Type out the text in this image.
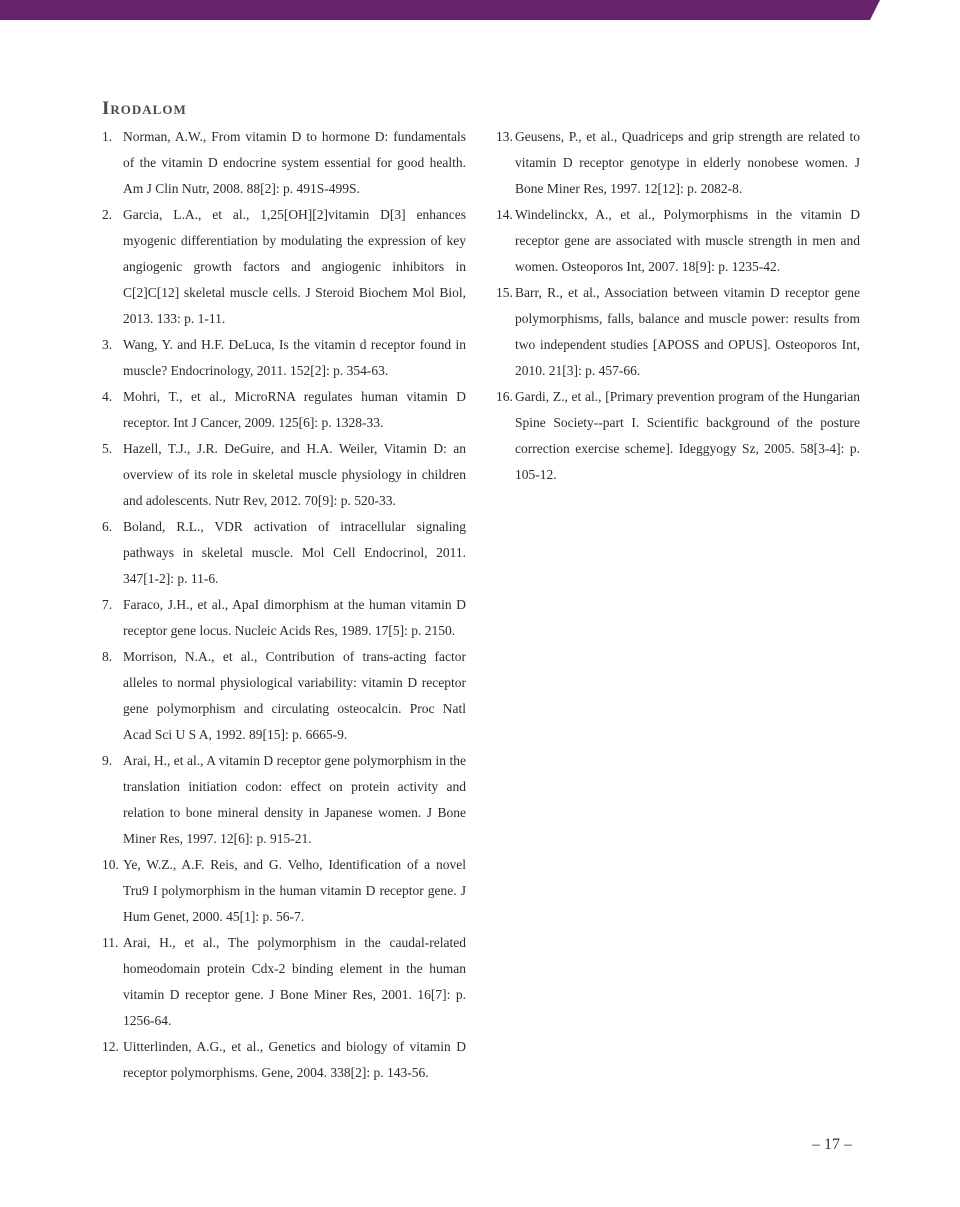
Irodalom
1. Norman, A.W., From vitamin D to hormone D: fundamentals of the vitamin D endocrine system essential for good health. Am J Clin Nutr, 2008. 88[2]: p. 491S-499S.
2. Garcia, L.A., et al., 1,25[OH][2]vitamin D[3] enhances myogenic differentiation by modulating the expression of key angiogenic growth factors and angiogenic inhibitors in C[2]C[12] skeletal muscle cells. J Steroid Biochem Mol Biol, 2013. 133: p. 1-11.
3. Wang, Y. and H.F. DeLuca, Is the vitamin d receptor found in muscle? Endocrinology, 2011. 152[2]: p. 354-63.
4. Mohri, T., et al., MicroRNA regulates human vitamin D receptor. Int J Cancer, 2009. 125[6]: p. 1328-33.
5. Hazell, T.J., J.R. DeGuire, and H.A. Weiler, Vitamin D: an overview of its role in skeletal muscle physiology in children and adolescents. Nutr Rev, 2012. 70[9]: p. 520-33.
6. Boland, R.L., VDR activation of intracellular signaling pathways in skeletal muscle. Mol Cell Endocrinol, 2011. 347[1-2]: p. 11-6.
7. Faraco, J.H., et al., ApaI dimorphism at the human vitamin D receptor gene locus. Nucleic Acids Res, 1989. 17[5]: p. 2150.
8. Morrison, N.A., et al., Contribution of trans-acting factor alleles to normal physiological variability: vitamin D receptor gene polymorphism and circulating osteocalcin. Proc Natl Acad Sci U S A, 1992. 89[15]: p. 6665-9.
9. Arai, H., et al., A vitamin D receptor gene polymorphism in the translation initiation codon: effect on protein activity and relation to bone mineral density in Japanese women. J Bone Miner Res, 1997. 12[6]: p. 915-21.
10. Ye, W.Z., A.F. Reis, and G. Velho, Identification of a novel Tru9 I polymorphism in the human vitamin D receptor gene. J Hum Genet, 2000. 45[1]: p. 56-7.
11. Arai, H., et al., The polymorphism in the caudal-related homeodomain protein Cdx-2 binding element in the human vitamin D receptor gene. J Bone Miner Res, 2001. 16[7]: p. 1256-64.
12. Uitterlinden, A.G., et al., Genetics and biology of vitamin D receptor polymorphisms. Gene, 2004. 338[2]: p. 143-56.
13. Geusens, P., et al., Quadriceps and grip strength are related to vitamin D receptor genotype in elderly nonobese women. J Bone Miner Res, 1997. 12[12]: p. 2082-8.
14. Windelinckx, A., et al., Polymorphisms in the vitamin D receptor gene are associated with muscle strength in men and women. Osteoporos Int, 2007. 18[9]: p. 1235-42.
15. Barr, R., et al., Association between vitamin D receptor gene polymorphisms, falls, balance and muscle power: results from two independent studies [APOSS and OPUS]. Osteoporos Int, 2010. 21[3]: p. 457-66.
16. Gardi, Z., et al., [Primary prevention program of the Hungarian Spine Society--part I. Scientific background of the posture correction exercise scheme]. Ideggyogy Sz, 2005. 58[3-4]: p. 105-12.
– 17 –
